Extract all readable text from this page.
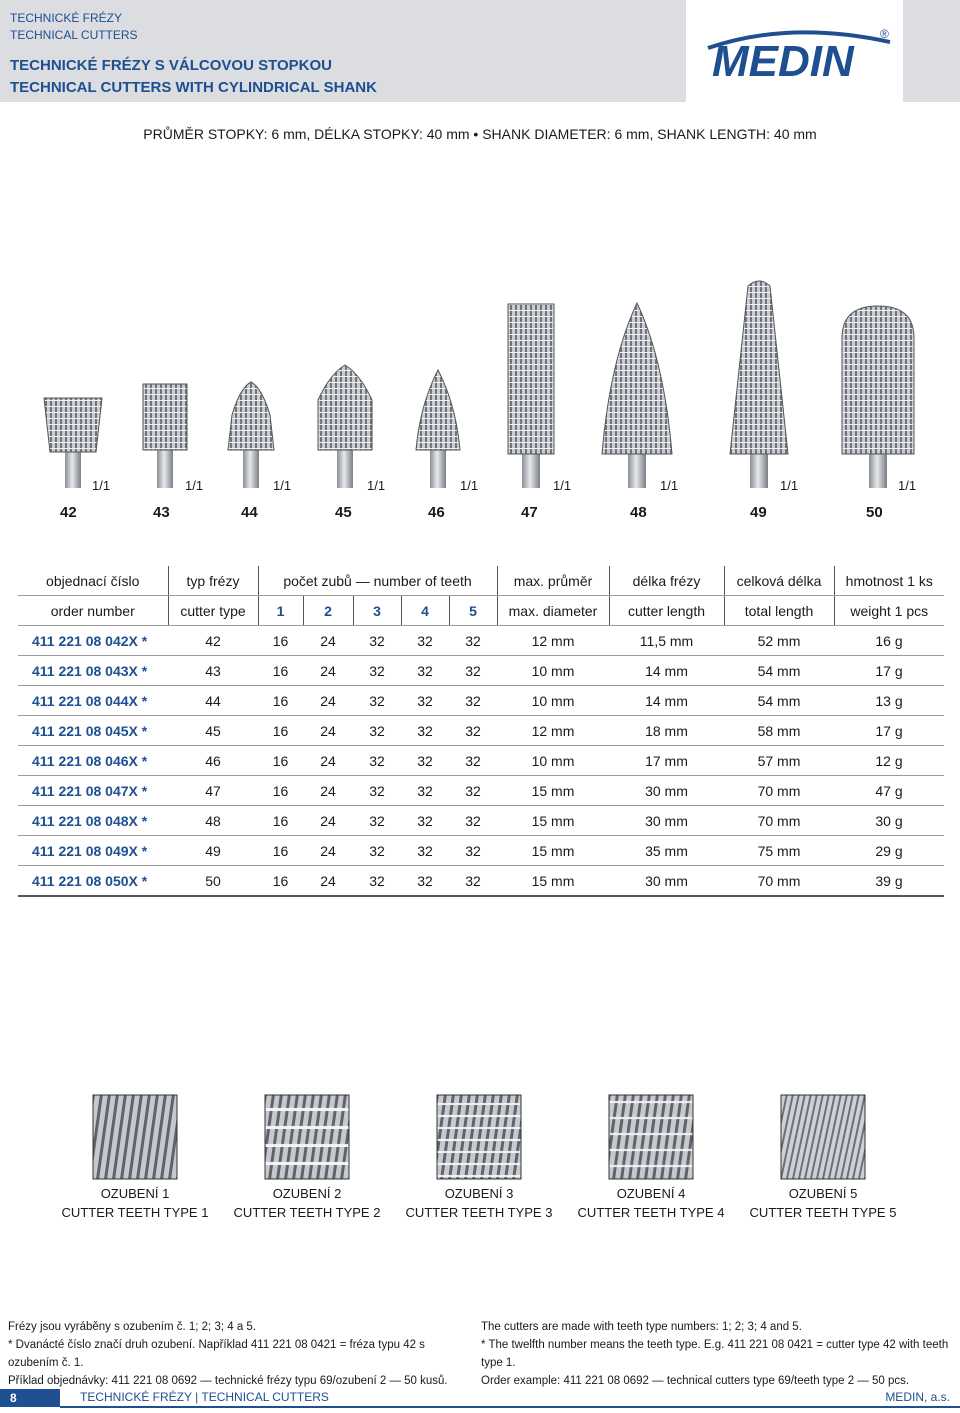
TECHNICKÉ FRÉZY
TECHNICAL CUTTERS
TECHNICKÉ FRÉZY S VÁLCOVOU STOPKOU
TECHNICAL CUTTERS WITH CYLINDRICAL SHANK
MEDIN
®
PRŮMĚR STOPKY: 6 mm, DÉLKA STOPKY: 40 mm • SHANK DIAMETER: 6 mm, SHANK LENGTH: 40 mm
1/1	1/1	1/1	1/1	1/1	1/1	1/1	1/1	1/1
42	43	44	45	46	47	48	49	50
objednací číslo	typ frézy	počet zubů — number of teeth					max. průměr	délka frézy	celková délka	hmotnost 1 ks
order number	cutter type	1	2	3	4	5	max. diameter	cutter length	total length	weight 1 pcs
411 221 08 042X *	42	16	24	32	32	32	12 mm	11,5 mm	52 mm	16 g
411 221 08 043X *	43	16	24	32	32	32	10 mm	14 mm	54 mm	17 g
411 221 08 044X *	44	16	24	32	32	32	10 mm	14 mm	54 mm	13 g
411 221 08 045X *	45	16	24	32	32	32	12 mm	18 mm	58 mm	17 g
411 221 08 046X *	46	16	24	32	32	32	10 mm	17 mm	57 mm	12 g
411 221 08 047X *	47	16	24	32	32	32	15 mm	30 mm	70 mm	47 g
411 221 08 048X *	48	16	24	32	32	32	15 mm	30 mm	70 mm	30 g
411 221 08 049X *	49	16	24	32	32	32	15 mm	35 mm	75 mm	29 g
411 221 08 050X *	50	16	24	32	32	32	15 mm	30 mm	70 mm	39 g
OZUBENÍ 1
CUTTER TEETH TYPE 1
OZUBENÍ 2
CUTTER TEETH TYPE 2
OZUBENÍ 3
CUTTER TEETH TYPE 3
OZUBENÍ 4
CUTTER TEETH TYPE 4
OZUBENÍ 5
CUTTER TEETH TYPE 5
Frézy jsou vyráběny s ozubením č. 1; 2; 3; 4 a 5.
* Dvanácté číslo značí druh ozubení. Například 411 221 08 0421 = fréza typu 42 s ozubením č. 1.
Příklad objednávky: 411 221 08 0692 — technické frézy typu 69/ozubení 2 — 50 kusů.
The cutters are made with teeth type numbers: 1; 2; 3; 4 and 5.
* The twelfth number means the teeth type. E.g. 411 221 08 0421 = cutter type 42 with teeth type 1.
Order example: 411 221 08 0692 — technical cutters type 69/teeth type 2 — 50 pcs.
8	TECHNICKÉ FRÉZY | TECHNICAL CUTTERS	MEDIN, a.s.
